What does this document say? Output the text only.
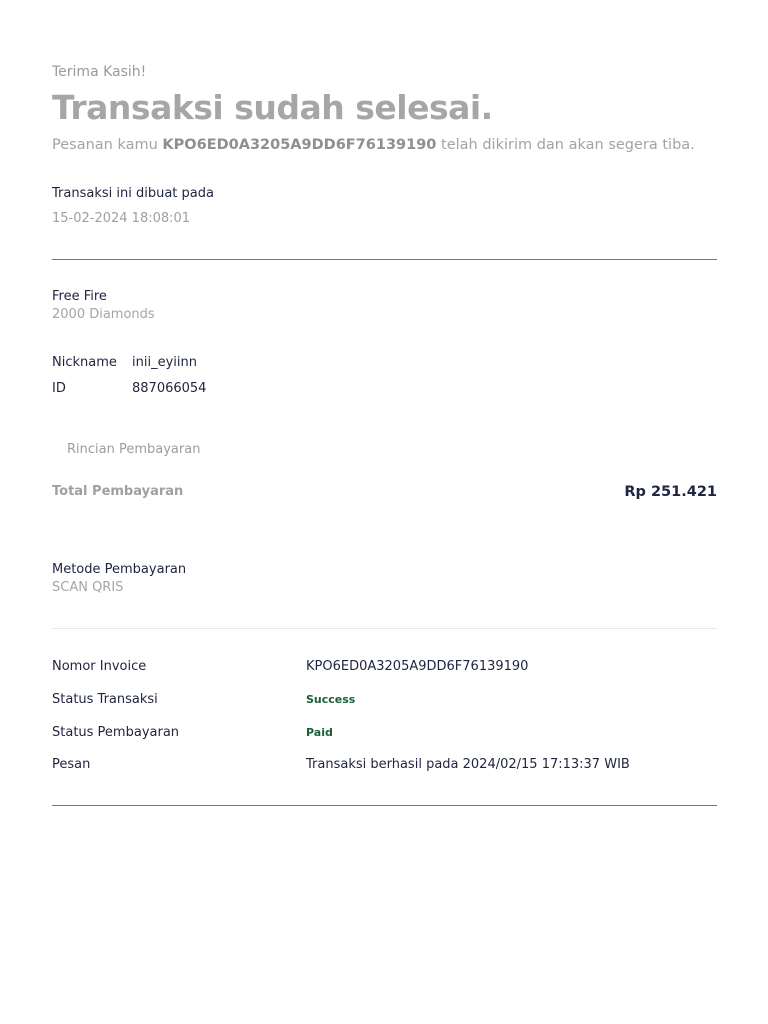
Terima Kasih!
Transaksi sudah selesai.
Pesanan kamu KPO6ED0A3205A9DD6F76139190 telah dikirim dan akan segera tiba.
Transaksi ini dibuat pada
15-02-2024 18:08:01
Free Fire
2000 Diamonds
Nickname inii_eyiinn
ID	887066054
Rincian Pembayaran
Total Pembayaran	Rp 251.421
Metode Pembayaran
SCAN QRIS
Nomor Invoice	KPO6ED0A3205A9DD6F76139190
Status Transaksi	Success
Status Pembayaran	Paid
Pesan	Transaksi berhasil pada 2024/02/15 17:13:37 WIB
